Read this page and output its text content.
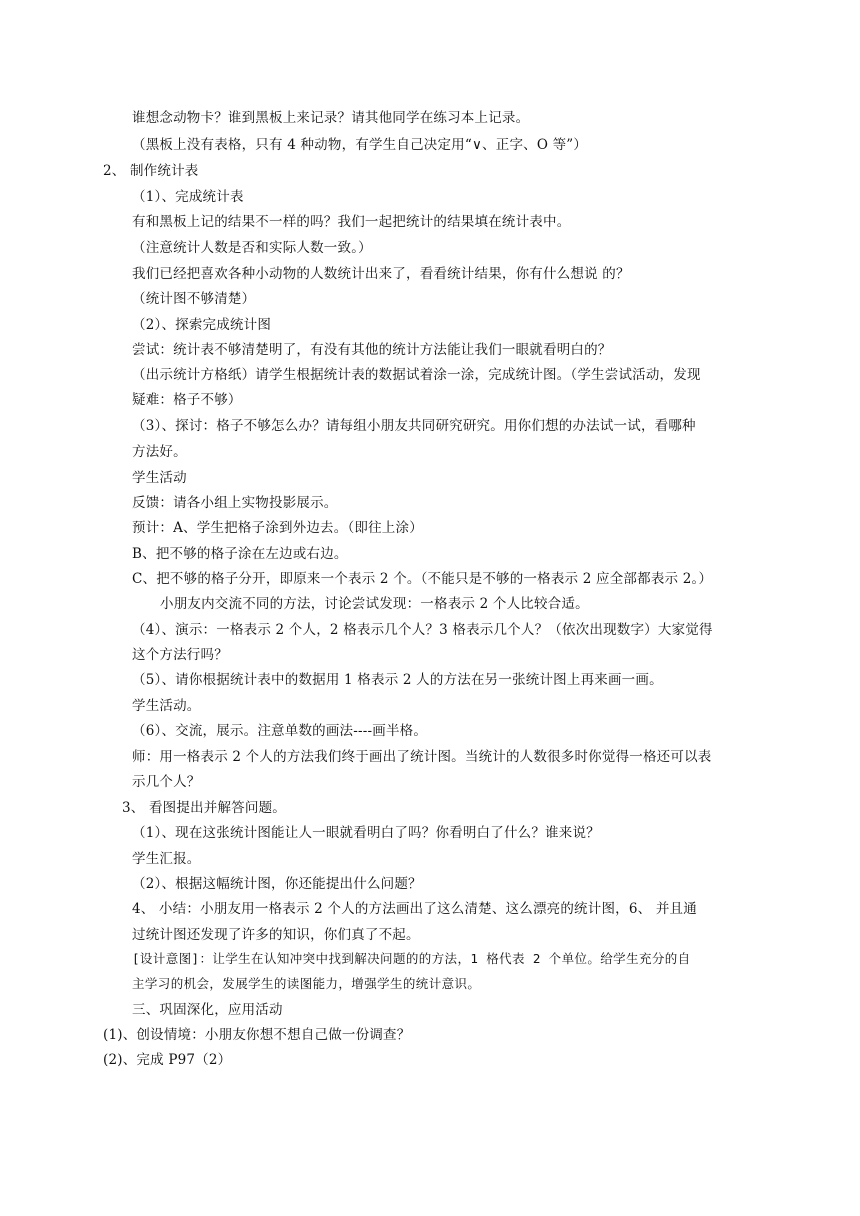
谁想念动物卡？谁到黑板上来记录？请其他同学在练习本上记录。
（黑板上没有表格，只有 4 种动物，有学生自己决定用“∨、正字、O 等”）
2、 制作统计表
（1）、完成统计表
有和黑板上记的结果不一样的吗？我们一起把统计的结果填在统计表中。
（注意统计人数是否和实际人数一致。）
我们已经把喜欢各种小动物的人数统计出来了，看看统计结果，你有什么想说 的？
（统计图不够清楚）
（2）、探索完成统计图
尝试：统计表不够清楚明了，有没有其他的统计方法能让我们一眼就看明白的？
（出示统计方格纸）请学生根据统计表的数据试着涂一涂，完成统计图。（学生尝试活动，发现
疑难：格子不够）
（3）、探讨：格子不够怎么办？请每组小朋友共同研究研究。用你们想的办法试一试，看哪种
方法好。
学生活动
反馈：请各小组上实物投影展示。
预计：A、学生把格子涂到外边去。（即往上涂）
B、把不够的格子涂在左边或右边。
C、把不够的格子分开，即原来一个表示 2 个。（不能只是不够的一格表示 2 应全部都表示 2。）
小朋友内交流不同的方法，讨论尝试发现：一格表示 2 个人比较合适。
（4）、演示：一格表示 2 个人，2 格表示几个人？3 格表示几个人？（依次出现数字）大家觉得
这个方法行吗？
（5）、请你根据统计表中的数据用 1 格表示 2 人的方法在另一张统计图上再来画一画。
学生活动。
（6）、交流，展示。注意单数的画法----画半格。
师：用一格表示 2 个人的方法我们终于画出了统计图。当统计的人数很多时你觉得一格还可以表
示几个人？
3、 看图提出并解答问题。
（1）、现在这张统计图能让人一眼就看明白了吗？你看明白了什么？谁来说？
学生汇报。
（2）、根据这幅统计图，你还能提出什么问题？
4、 小结：小朋友用一格表示 2 个人的方法画出了这么清楚、这么漂亮的统计图，6、 并且通
过统计图还发现了许多的知识，你们真了不起。
[设计意图]：让学生在认知冲突中找到解决问题的的方法，1 格代表 2 个单位。给学生充分的自
主学习的机会，发展学生的读图能力，增强学生的统计意识。
三、巩固深化，应用活动
(1)、创设情境：小朋友你想不想自己做一份调查？
(2)、完成 P97（2）
